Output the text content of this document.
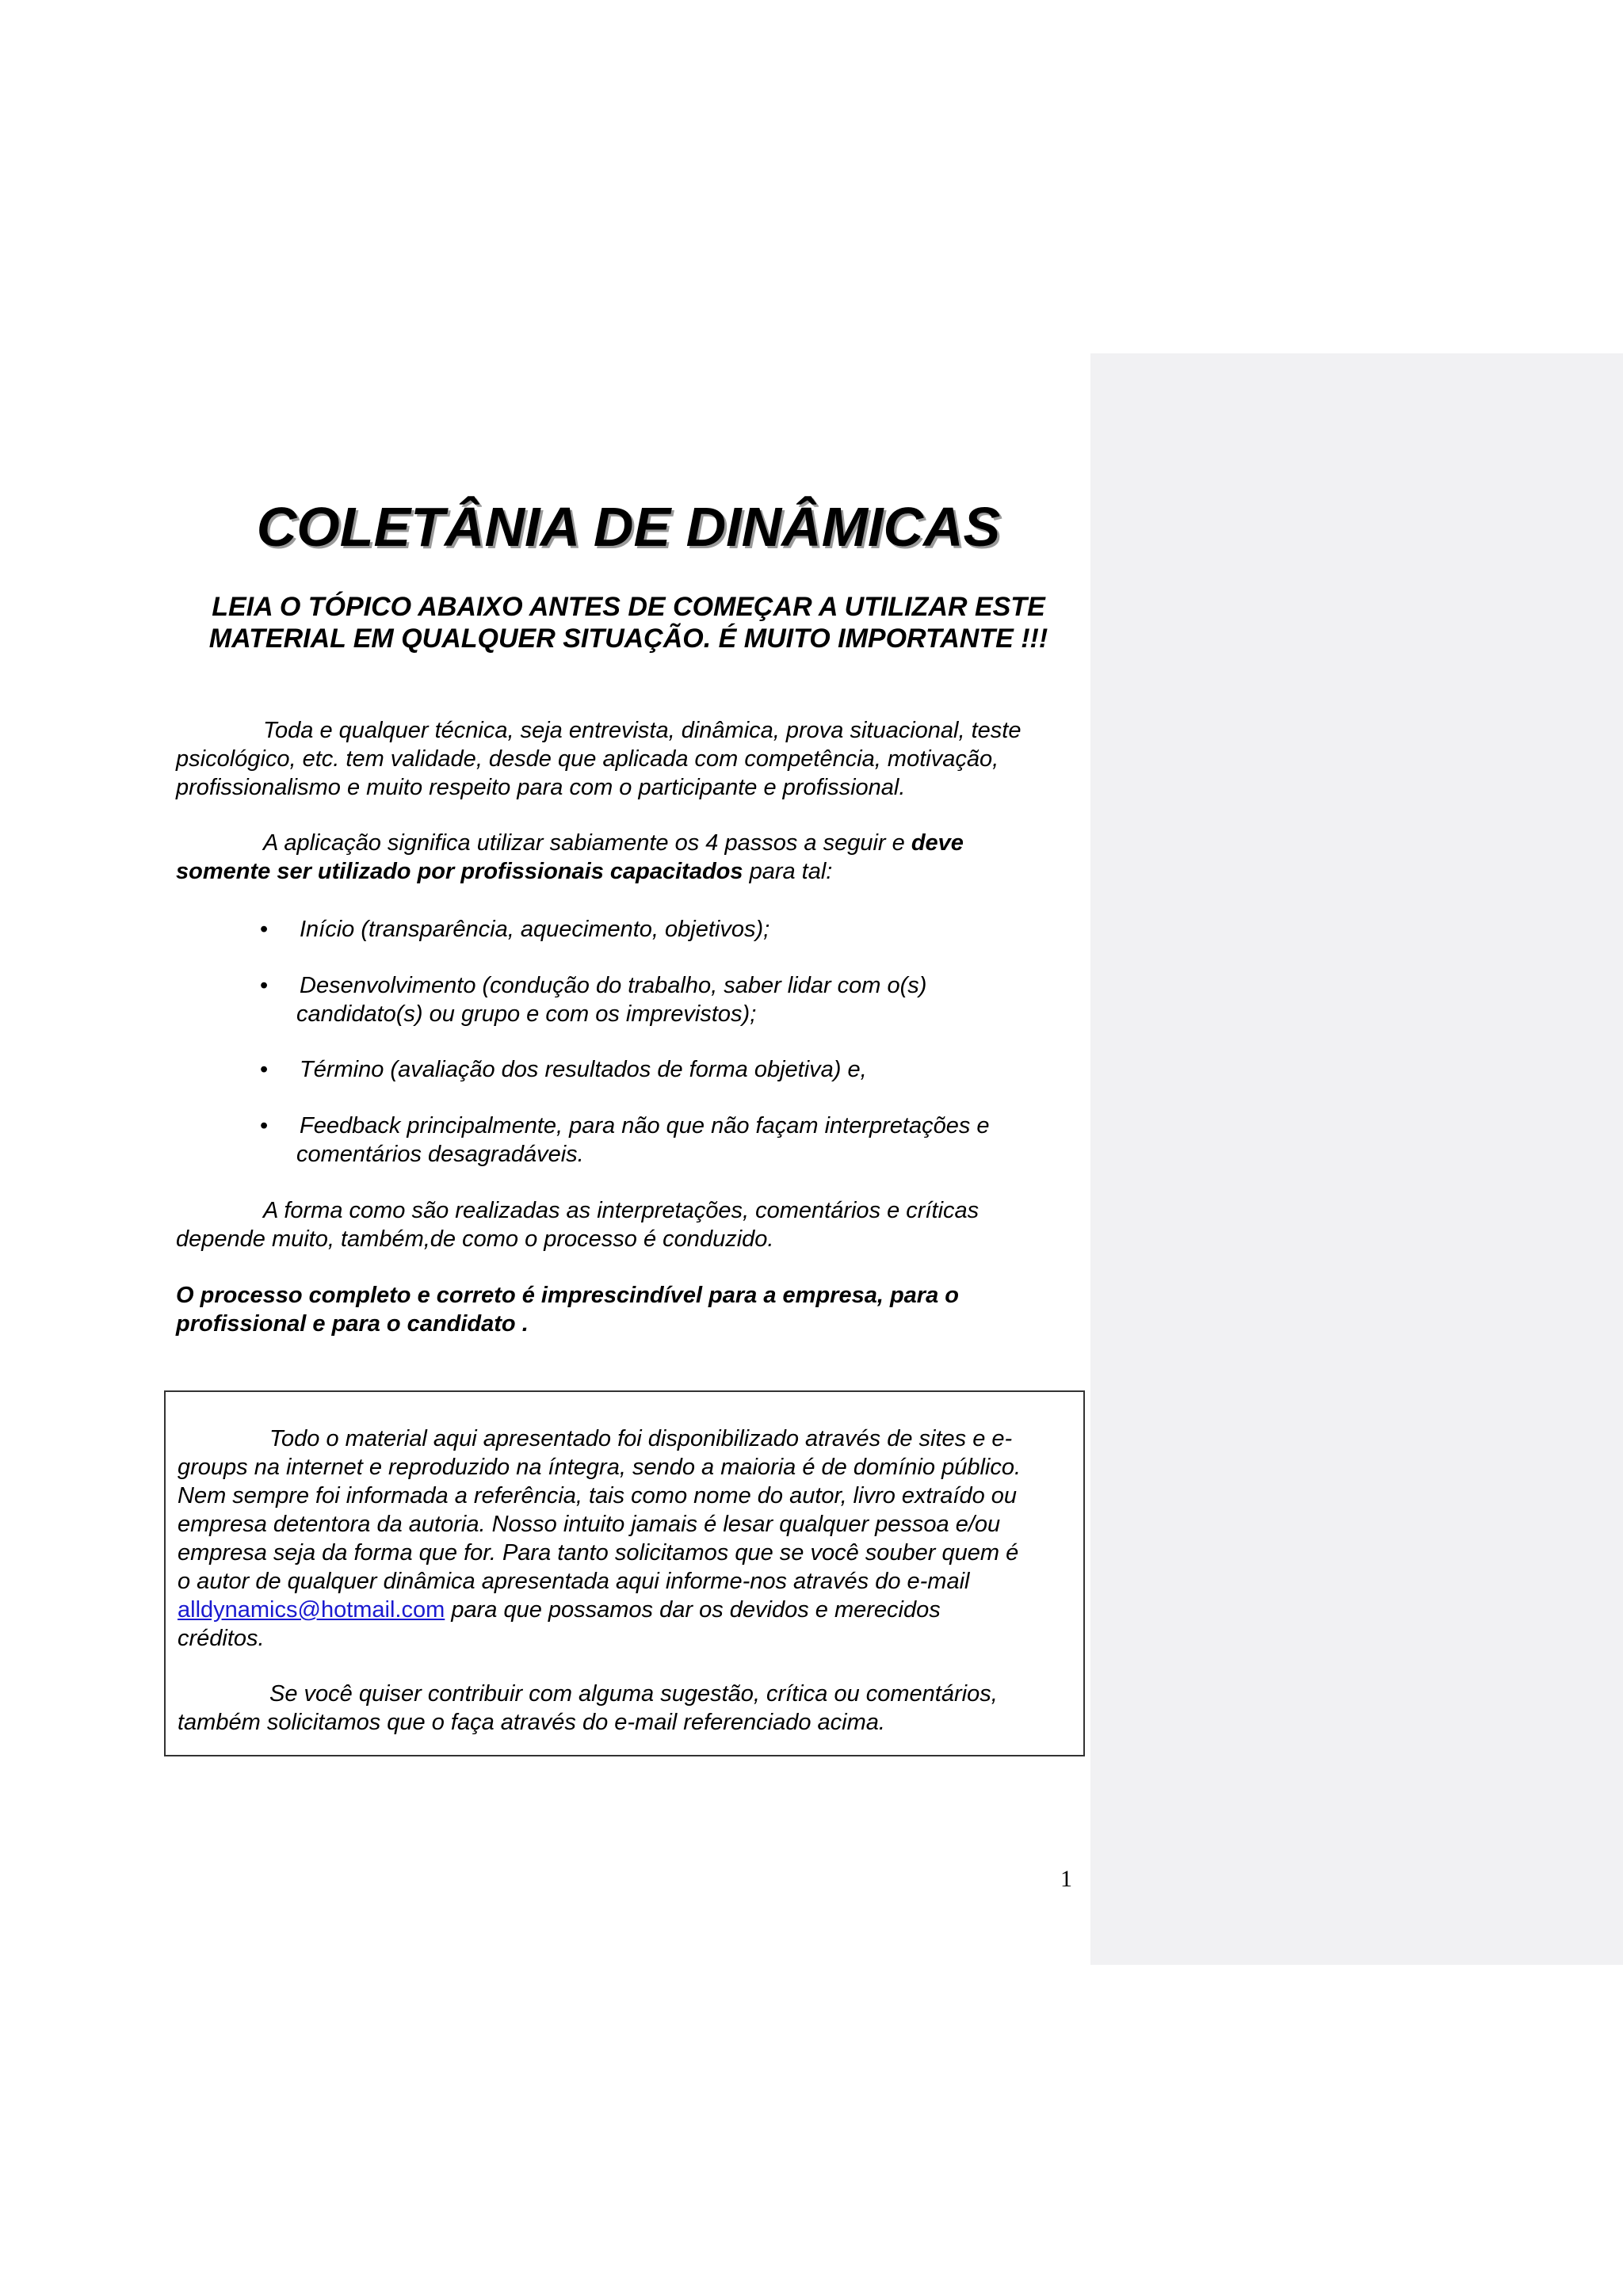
COLETÂNIA DE DINÂMICAS
LEIA O TÓPICO ABAIXO ANTES DE COMEÇAR A UTILIZAR ESTE
MATERIAL EM QUALQUER SITUAÇÃO. É MUITO IMPORTANTE !!!
Toda e qualquer técnica, seja entrevista, dinâmica, prova situacional, teste
psicológico, etc. tem validade, desde que aplicada com competência, motivação,
profissionalismo e muito respeito para com o participante e profissional.
A aplicação significa utilizar sabiamente os 4 passos a seguir e deve
somente ser utilizado por profissionais capacitados para tal:
•	Início (transparência, aquecimento, objetivos);
•	Desenvolvimento (condução do trabalho, saber lidar com o(s)
candidato(s) ou grupo e com os imprevistos);
•	Término (avaliação dos resultados de forma objetiva) e,
•	Feedback principalmente, para não que não façam interpretações e
comentários desagradáveis.
A forma como são realizadas as interpretações, comentários e críticas
depende muito, também,de como o processo é conduzido.
O processo completo e correto é imprescindível para a empresa, para o
profissional e para o candidato .
Todo o material aqui apresentado foi disponibilizado através de sites e e-
groups na internet e reproduzido na íntegra, sendo a maioria é de domínio público.
Nem sempre foi informada a referência, tais como nome do autor, livro extraído ou
empresa detentora da autoria. Nosso intuito jamais é lesar qualquer pessoa e/ou
empresa seja da forma que for. Para tanto solicitamos que se você souber quem é
o autor de qualquer dinâmica apresentada aqui informe-nos através do e-mail
alldynamics@hotmail.com para que possamos dar os devidos e merecidos
créditos.
Se você quiser contribuir com alguma sugestão, crítica ou comentários,
também solicitamos que o faça através do e-mail referenciado acima.
1
